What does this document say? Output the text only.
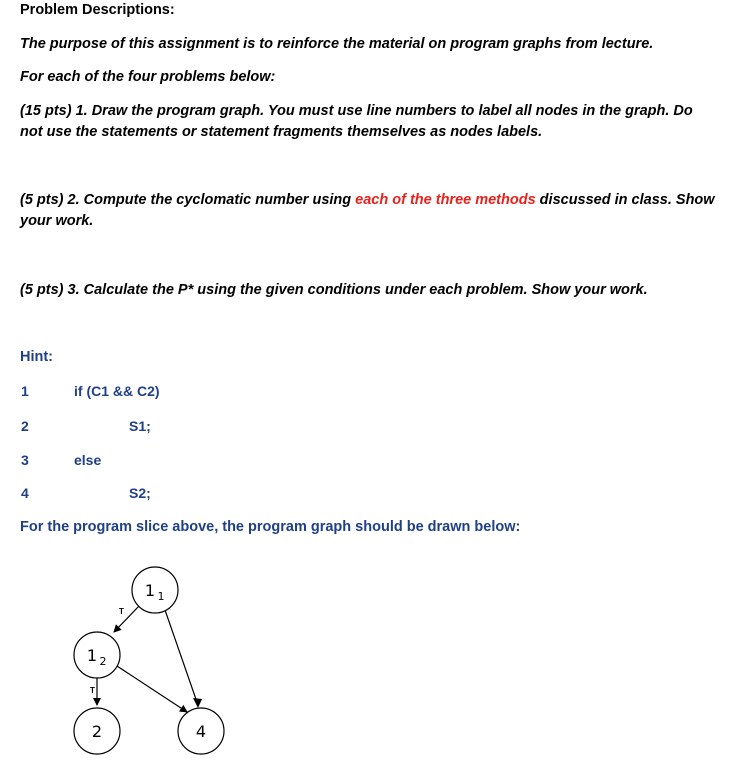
Problem Descriptions:
The purpose of this assignment is to reinforce the material on program graphs from lecture.
For each of the four problems below:
(15 pts) 1. Draw the program graph. You must use line numbers to label all nodes in the graph. Do
not use the statements or statement fragments themselves as nodes labels.
(5 pts) 2. Compute the cyclomatic number using each of the three methods discussed in class. Show
your work.
(5 pts) 3. Calculate the P* using the given conditions under each problem. Show your work.
Hint:
1	if (C1 && C2)
2	S1;
3	else
4	S2;
For the program slice above, the program graph should be drawn below:
T
T
1 1
1 2
2	4
